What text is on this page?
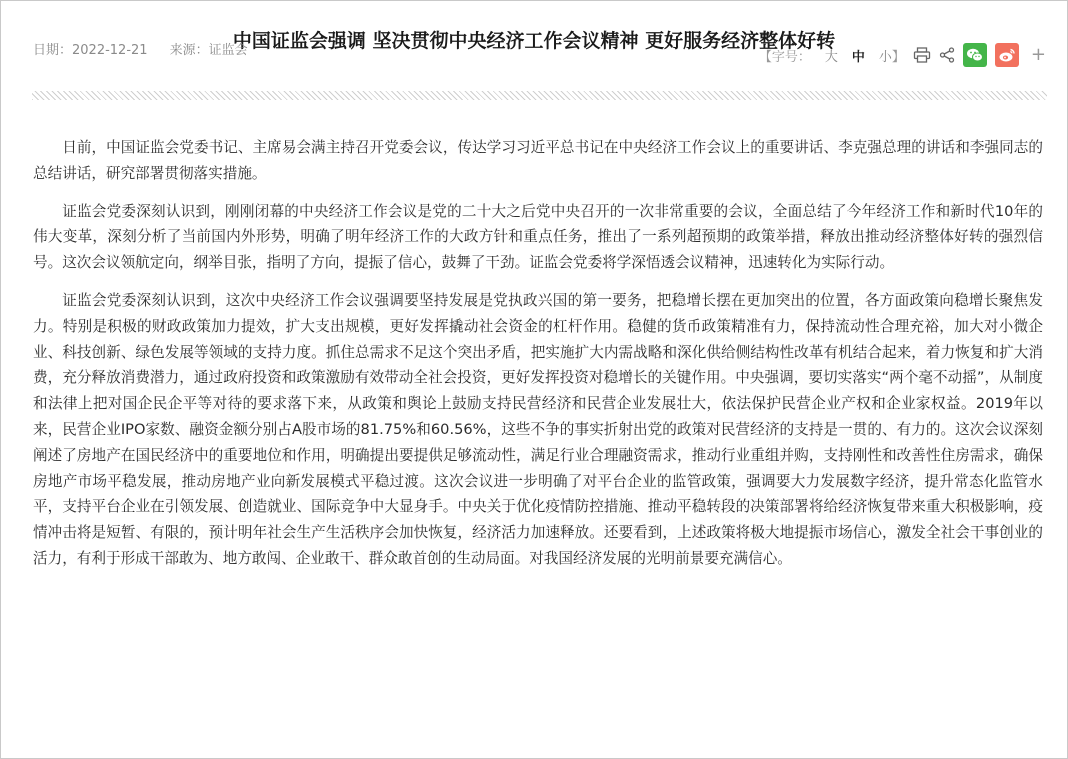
中国证监会强调 坚决贯彻中央经济工作会议精神 更好服务经济整体好转
日期：2022-12-21 来源：证监会	【字号： 大 中 小 】	+

日前，中国证监会党委书记、主席易会满主持召开党委会议，传达学习习近平总书记在中央经济工作会议上的重要讲话、李克强总理的讲话和李强同志的总结讲话，研究部署贯彻落实措施。

证监会党委深刻认识到，刚刚闭幕的中央经济工作会议是党的二十大之后党中央召开的一次非常重要的会议，全面总结了今年经济工作和新时代10年的伟大变革，深刻分析了当前国内外形势，明确了明年经济工作的大政方针和重点任务，推出了一系列超预期的政策举措，释放出推动经济整体好转的强烈信号。这次会议领航定向，纲举目张，指明了方向，提振了信心，鼓舞了干劲。证监会党委将学深悟透会议精神，迅速转化为实际行动。

证监会党委深刻认识到，这次中央经济工作会议强调要坚持发展是党执政兴国的第一要务，把稳增长摆在更加突出的位置，各方面政策向稳增长聚焦发力。特别是积极的财政政策加力提效，扩大支出规模，更好发挥撬动社会资金的杠杆作用。稳健的货币政策精准有力，保持流动性合理充裕，加大对小微企业、科技创新、绿色发展等领域的支持力度。抓住总需求不足这个突出矛盾，把实施扩大内需战略和深化供给侧结构性改革有机结合起来，着力恢复和扩大消费，充分释放消费潜力，通过政府投资和政策激励有效带动全社会投资，更好发挥投资对稳增长的关键作用。中央强调，要切实落实“两个毫不动摇”，从制度和法律上把对国企民企平等对待的要求落下来，从政策和舆论上鼓励支持民营经济和民营企业发展壮大，依法保护民营企业产权和企业家权益。2019年以来，民营企业IPO家数、融资金额分别占A股市场的81.75%和60.56%，这些不争的事实折射出党的政策对民营经济的支持是一贯的、有力的。这次会议深刻阐述了房地产在国民经济中的重要地位和作用，明确提出要提供足够流动性，满足行业合理融资需求，推动行业重组并购，支持刚性和改善性住房需求，确保房地产市场平稳发展，推动房地产业向新发展模式平稳过渡。这次会议进一步明确了对平台企业的监管政策，强调要大力发展数字经济，提升常态化监管水平，支持平台企业在引领发展、创造就业、国际竞争中大显身手。中央关于优化疫情防控措施、推动平稳转段的决策部署将给经济恢复带来重大积极影响，疫情冲击将是短暂、有限的，预计明年社会生产生活秩序会加快恢复，经济活力加速释放。还要看到，上述政策将极大地提振市场信心，激发全社会干事创业的活力，有利于形成干部敢为、地方敢闯、企业敢干、群众敢首创的生动局面。对我国经济发展的光明前景要充满信心。
